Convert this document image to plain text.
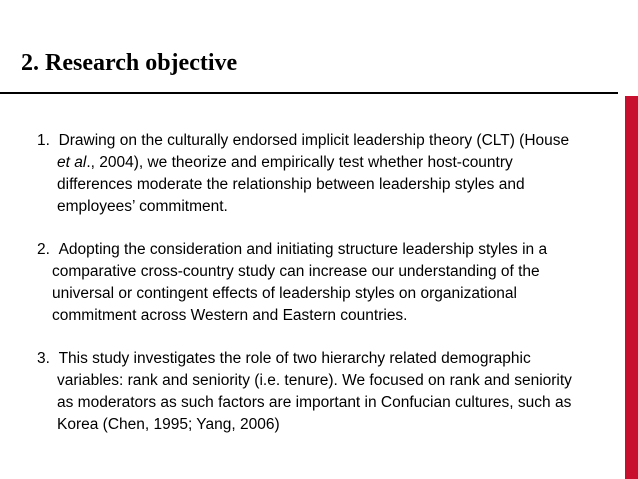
2. Research objective

1. Drawing on the culturally endorsed implicit leadership theory (CLT) (House
et al., 2004), we theorize and empirically test whether host-country
differences moderate the relationship between leadership styles and
employees’ commitment.

2. Adopting the consideration and initiating structure leadership styles in a
comparative cross-country study can increase our understanding of the
universal or contingent effects of leadership styles on organizational
commitment across Western and Eastern countries.

3. This study investigates the role of two hierarchy related demographic
variables: rank and seniority (i.e. tenure). We focused on rank and seniority
as moderators as such factors are important in Confucian cultures, such as
Korea (Chen, 1995; Yang, 2006)
